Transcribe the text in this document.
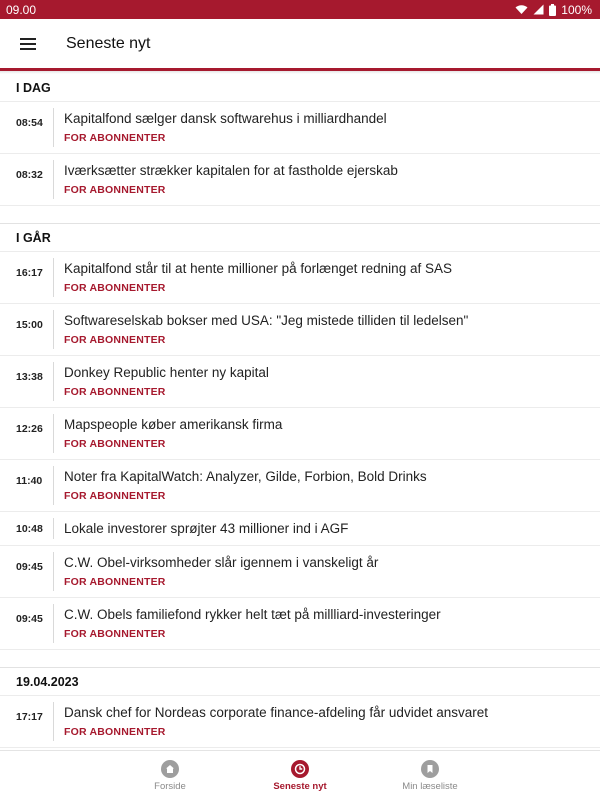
09.00	100%
Seneste nyt
I DAG
08:54	Kapitalfond sælger dansk softwarehus i milliardhandel
FOR ABONNENTER
08:32	Iværksætter strækker kapitalen for at fastholde ejerskab
FOR ABONNENTER
I GÅR
16:17	Kapitalfond står til at hente millioner på forlænget redning af SAS
FOR ABONNENTER
15:00	Softwareselskab bokser med USA: "Jeg mistede tilliden til ledelsen"
FOR ABONNENTER
13:38	Donkey Republic henter ny kapital
FOR ABONNENTER
12:26	Mapspeople køber amerikansk firma
FOR ABONNENTER
11:40	Noter fra KapitalWatch: Analyzer, Gilde, Forbion, Bold Drinks
FOR ABONNENTER
10:48	Lokale investorer sprøjter 43 millioner ind i AGF
09:45	C.W. Obel-virksomheder slår igennem i vanskeligt år
FOR ABONNENTER
09:45	C.W. Obels familiefond rykker helt tæt på millliard-investeringer
FOR ABONNENTER
19.04.2023
17:17	Dansk chef for Nordeas corporate finance-afdeling får udvidet ansvaret
FOR ABONNENTER
Forside	Seneste nyt	Min læseliste
